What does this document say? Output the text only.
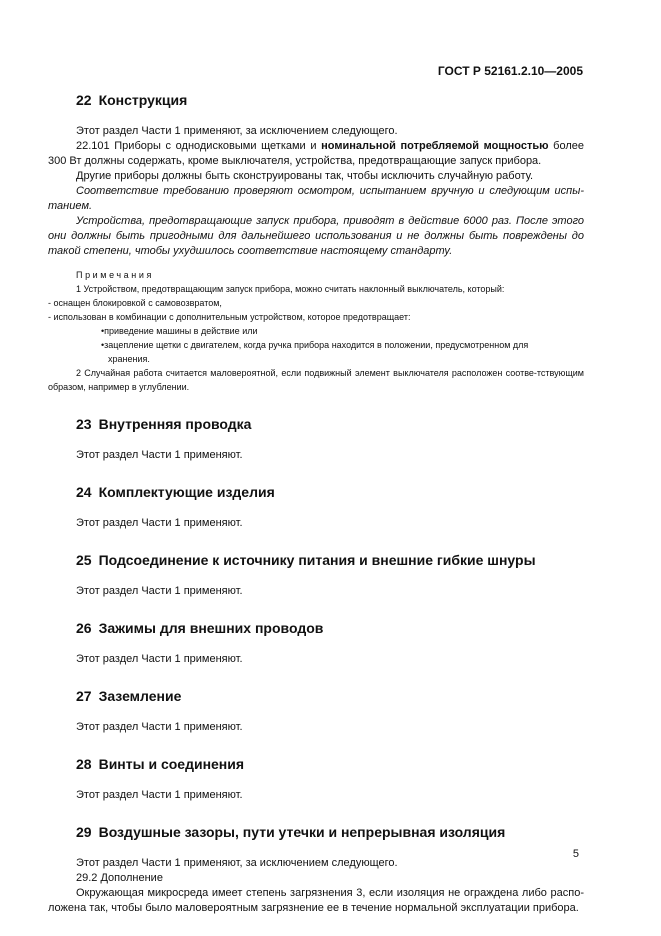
ГОСТ Р 52161.2.10—2005
22 Конструкция

Этот раздел Части 1 применяют, за исключением следующего.

22.101 Приборы с однодисковыми щетками и номинальной потребляемой мощностью более 300 Вт должны содержать, кроме выключателя, устройства, предотвращающие запуск прибора.

Другие приборы должны быть сконструированы так, чтобы исключить случайную работу.

Соответствие требованию проверяют осмотром, испытанием вручную и следующим испы-таниeм.

Устройства, предотвращающие запуск прибора, приводят в действие 6000 раз. После этого они должны быть пригодными для дальнейшего использования и не должны быть повреждены до такой степени, чтобы ухудшилось соответствие настоящему стандарту.

Примечания

1 Устройством, предотвращающим запуск прибора, можно считать наклонный выключатель, который:

- оснащен блокировкой с самовозвратом,

- использован в комбинации с дополнительным устройством, которое предотвращает:

•приведение машины в действие или

•зацепление щетки с двигателем, когда ручка прибора находится в положении, предусмотренном для

хранения.

2 Случайная работа считается маловероятной, если подвижный элемент выключателя расположен соотве-тствующим образом, например в углублении.

23 Внутренняя проводка

Этот раздел Части 1 применяют.

24 Комплектующие изделия

Этот раздел Части 1 применяют.

25 Подсоединение к источнику питания и внешние гибкие шнуры

Этот раздел Части 1 применяют.

26 Зажимы для внешних проводов

Этот раздел Части 1 применяют.

27 Заземление

Этот раздел Части 1 применяют.

28 Винты и соединения

Этот раздел Части 1 применяют.

29 Воздушные зазоры, пути утечки и непрерывная изоляция

Этот раздел Части 1 применяют, за исключением следующего.

29.2 Дополнение

Окружающая микросреда имеет степень загрязнения 3, если изоляция не ограждена либо распо-ложена так, чтобы было маловероятным загрязнение ее в течение нормальной эксплуатации прибора.

5
